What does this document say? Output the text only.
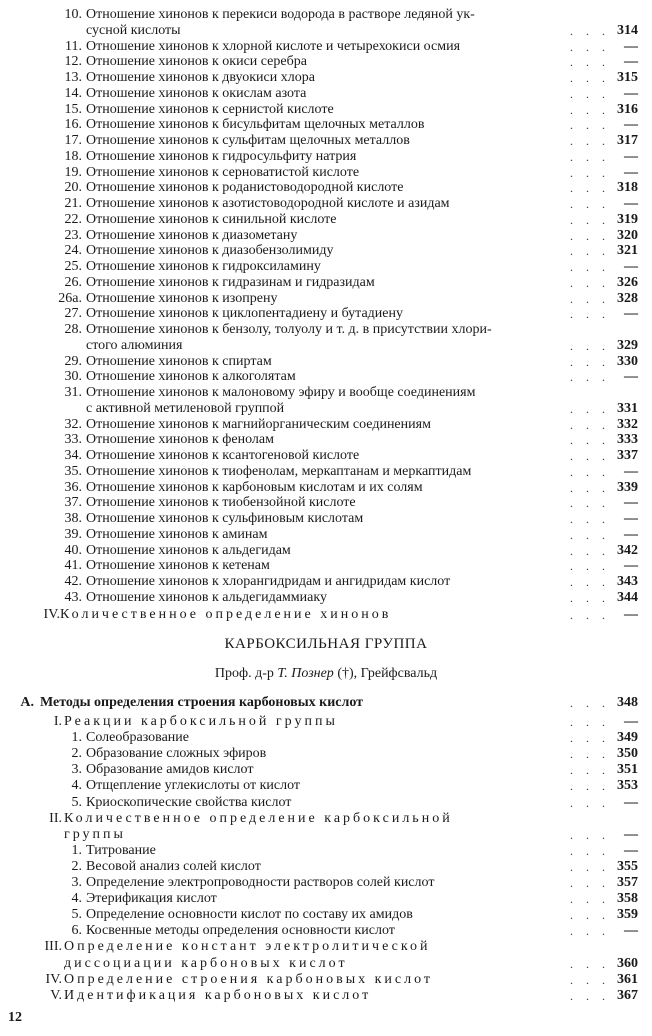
10. Отношение хинонов к перекиси водорода в растворе ледяной ук-
сусной кислоты	. . . 314
11. Отношение хинонов к хлорной кислоте и четырехокиси осмия	. . . —
12. Отношение хинонов к окиси серебра	. . . —
13. Отношение хинонов к двуокиси хлора	. . . 315
14. Отношение хинонов к окислам азота	. . . —
15. Отношение хинонов к сернистой кислоте	. . . 316
16. Отношение хинонов к бисульфитам щелочных металлов	. . . —
17. Отношение хинонов к сульфитам щелочных металлов	. . . 317
18. Отношение хинонов к гидросульфиту натрия	. . . —
19. Отношение хинонов к серноватистой кислоте	. . . —
20. Отношение хинонов к роданистоводородной кислоте	. . . 318
21. Отношение хинонов к азотистоводородной кислоте и азидам	. . . —
22. Отношение хинонов к синильной кислоте	. . . 319
23. Отношение хинонов к диазометану	. . . 320
24. Отношение хинонов к диазобензолимиду	. . . 321
25. Отношение хинонов к гидроксиламину	. . . —
26. Отношение хинонов к гидразинам и гидразидам	. . . 326
26а. Отношение хинонов к изопрену	. . . 328
27. Отношение хинонов к циклопентадиену и бутадиену	. . . —
28. Отношение хинонов к бензолу, толуолу и т. д. в присутствии хлори-
стого алюминия	. . . 329
29. Отношение хинонов к спиртам	. . . 330
30. Отношение хинонов к алкоголятам	. . . —
31. Отношение хинонов к малоновому эфиру и вообще соединениям
с активной метиленовой группой	. . . 331
32. Отношение хинонов к магнийорганическим соединениям	. . . 332
33. Отношение хинонов к фенолам	. . . 333
34. Отношение хинонов к ксантогеновой кислоте	. . . 337
35. Отношение хинонов к тиофенолам, меркаптанам и меркаптидам	. . . —
36. Отношение хинонов к карбоновым кислотам и их солям	. . . 339
37. Отношение хинонов к тиобензойной кислоте	. . . —
38. Отношение хинонов к сульфиновым кислотам	. . . —
39. Отношение хинонов к аминам	. . . —
40. Отношение хинонов к альдегидам	. . . 342
41. Отношение хинонов к кетенам	. . . —
42. Отношение хинонов к хлорангидридам и ангидридам кислот	. . . 343
43. Отношение хинонов к альдегидаммиаку	. . . 344
IV. Количественное определение хинонов	. . . —
КАРБОКСИЛЬНАЯ ГРУППА
Проф. д-р Т. Познер (†), Грейфсвальд
А. Методы определения строения карбоновых кислот	. . . 348
I. Реакции карбоксильной группы	. . . —
1. Солеобразование	. . . 349
2. Образование сложных эфиров	. . . 350
3. Образование амидов кислот	. . . 351
4. Отщепление углекислоты от кислот	. . . 353
5. Криоскопические свойства кислот	. . . —
II. Количественное определение карбоксильной
группы	. . . —
1. Титрование	. . . —
2. Весовой анализ солей кислот	. . . 355
3. Определение электропроводности растворов солей кислот	. . . 357
4. Этерификация кислот	. . . 358
5. Определение основности кислот по составу их амидов	. . . 359
6. Косвенные методы определения основности кислот	. . . —
III. Определение констант электролитической
диссоциации карбоновых кислот	. . . 360
IV. Определение строения карбоновых кислот	. . . 361
V. Идентификация карбоновых кислот	. . . 367
12
